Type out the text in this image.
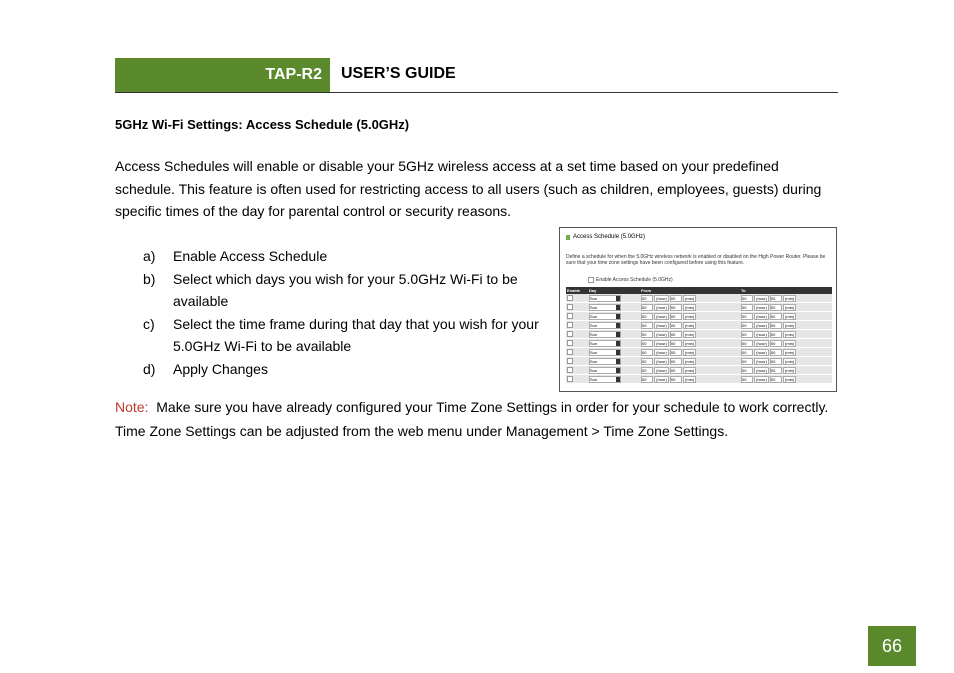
TAP-R2 USER’S GUIDE
5GHz Wi-Fi Settings: Access Schedule (5.0GHz)
Access Schedules will enable or disable your 5GHz wireless access at a set time based on your predefined schedule. This feature is often used for restricting access to all users (such as children, employees, guests) during specific times of the day for parental control or security reasons.
a)	Enable Access Schedule
b)	Select which days you wish for your 5.0GHz Wi-Fi to be available
c)	Select the time frame during that day that you wish for your 5.0GHz Wi-Fi to be available
d)	Apply Changes
Access Schedule (5.0GHz)
Define a schedule for when the 5.0GHz wireless network is enabled or disabled on the High Power Router. Please be sure that your time zone settings have been configured before using this feature.
Enable Access Schedule (5.0GHz)
Enable	Day	From	To
	Sun	00 (hour) 00 (min)	00 (hour) 00 (min)
	Sun	00 (hour) 00 (min)	00 (hour) 00 (min)
	Sun	00 (hour) 00 (min)	00 (hour) 00 (min)
	Sun	00 (hour) 00 (min)	00 (hour) 00 (min)
	Sun	00 (hour) 00 (min)	00 (hour) 00 (min)
	Sun	00 (hour) 00 (min)	00 (hour) 00 (min)
	Sun	00 (hour) 00 (min)	00 (hour) 00 (min)
	Sun	00 (hour) 00 (min)	00 (hour) 00 (min)
	Sun	00 (hour) 00 (min)	00 (hour) 00 (min)
	Sun	00 (hour) 00 (min)	00 (hour) 00 (min)
Note: Make sure you have already configured your Time Zone Settings in order for your schedule to work correctly. Time Zone Settings can be adjusted from the web menu under Management > Time Zone Settings.
66
